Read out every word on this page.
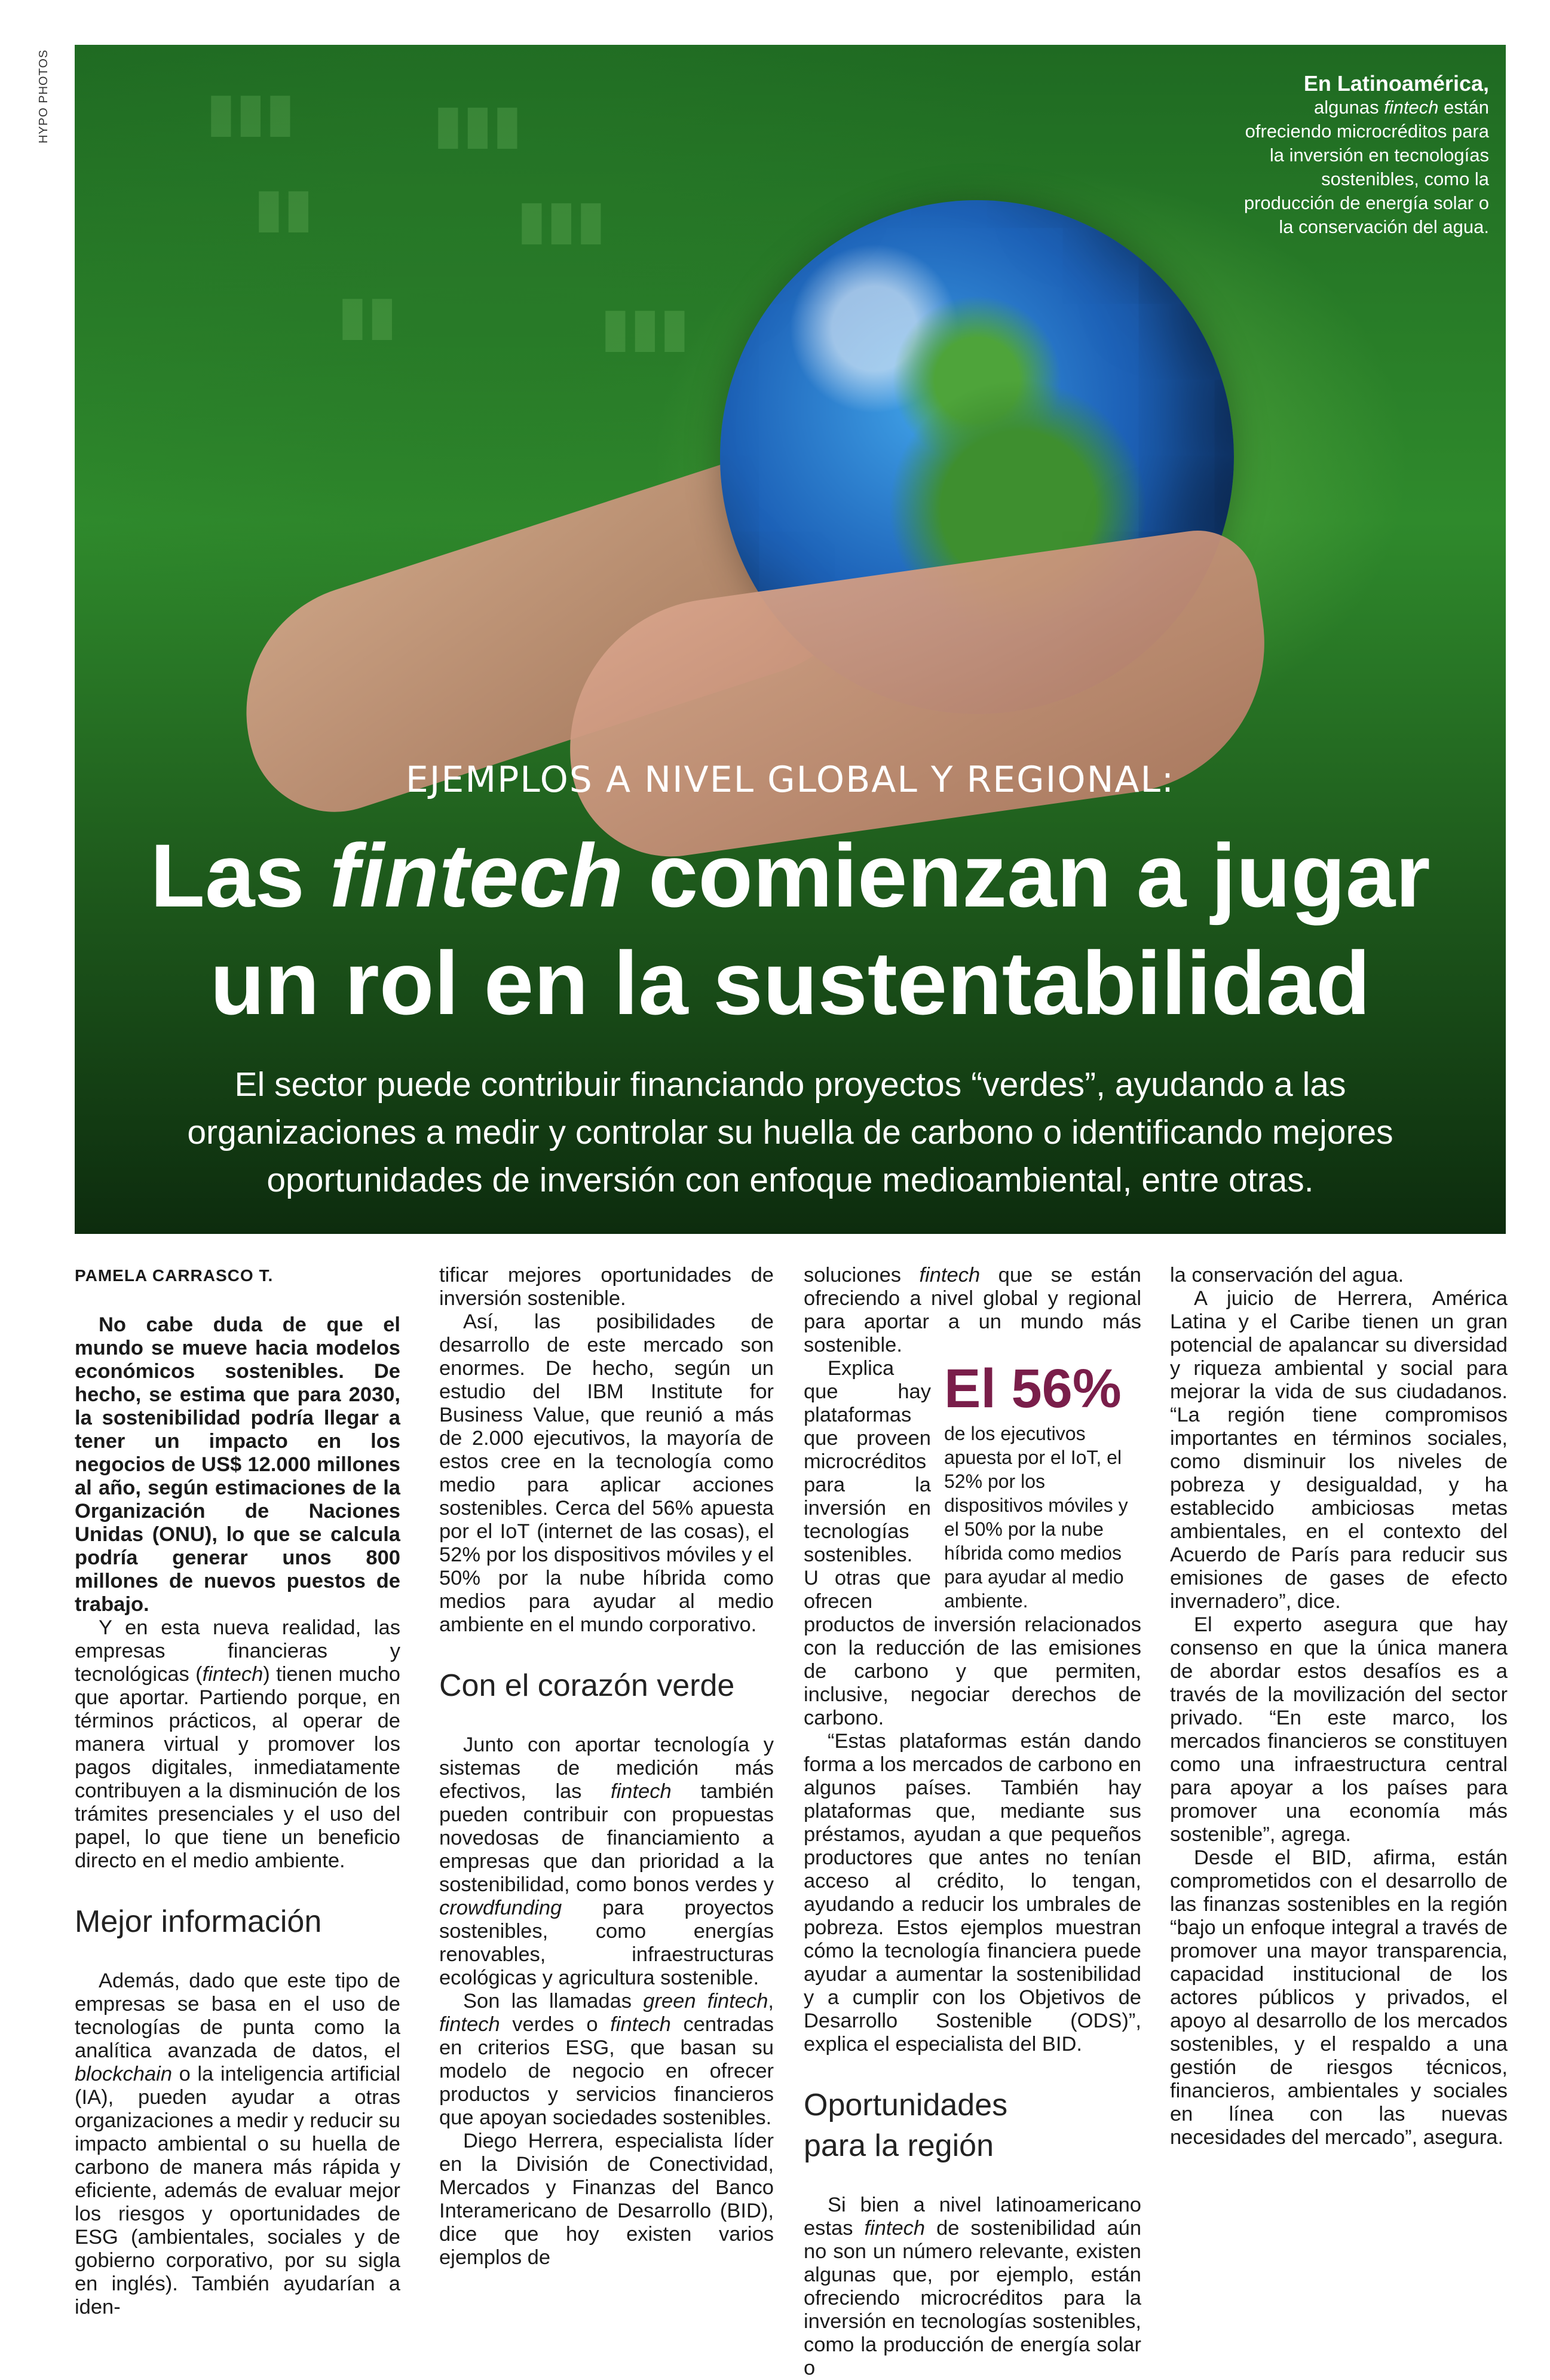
HYPO PHOTOS	▮▮▮	▮▮▮
▮▮	▮▮▮
▮▮	▮▮▮
En Latinoamérica,
algunas fintech están ofreciendo microcréditos para la inversión en tecnologías sostenibles, como la producción de energía solar o la conservación del agua.
EJEMPLOS A NIVEL GLOBAL Y REGIONAL:
Las fintech comienzan a jugar
un rol en la sustentabilidad
El sector puede contribuir financiando proyectos “verdes”, ayudando a las organizaciones a medir y controlar su huella de carbono o identificando mejores oportunidades de inversión con enfoque medioambiental, entre otras.
PAMELA CARRASCO T.

No cabe duda de que el mundo se mueve hacia modelos económicos sostenibles. De hecho, se estima que para 2030, la sostenibilidad podría llegar a tener un impacto en los negocios de US$ 12.000 millones al año, según estimaciones de la Organización de Naciones Unidas (ONU), lo que se calcula podría generar unos 800 millones de nuevos puestos de trabajo.

Y en esta nueva realidad, las empresas financieras y tecnológicas (fintech) tienen mucho que aportar. Partiendo porque, en términos prácticos, al operar de manera virtual y promover los pagos digitales, inmediatamente contribuyen a la disminución de los trámites presenciales y el uso del papel, lo que tiene un beneficio directo en el medio ambiente.

Mejor información

Además, dado que este tipo de empresas se basa en el uso de tecnologías de punta como la analítica avanzada de datos, el blockchain o la inteligencia artificial (IA), pueden ayudar a otras organizaciones a medir y reducir su impacto ambiental o su huella de carbono de manera más rápida y eficiente, además de evaluar mejor los riesgos y oportunidades de ESG (ambientales, sociales y de gobierno corporativo, por su sigla en inglés). También ayudarían a iden-

tificar mejores oportunidades de inversión sostenible.

Así, las posibilidades de desarrollo de este mercado son enormes. De hecho, según un estudio del IBM Institute for Business Value, que reunió a más de 2.000 ejecutivos, la mayoría de estos cree en la tecnología como medio para aplicar acciones sostenibles. Cerca del 56% apuesta por el IoT (internet de las cosas), el 52% por los dispositivos móviles y el 50% por la nube híbrida como medios para ayudar al medio ambiente en el mundo corporativo.

Con el corazón verde

Junto con aportar tecnología y sistemas de medición más efectivos, las fintech también pueden contribuir con propuestas novedosas de financiamiento a empresas que dan prioridad a la sostenibilidad, como bonos verdes y crowdfunding para proyectos sostenibles, como energías renovables, infraestructuras ecológicas y agricultura sostenible.

Son las llamadas green fintech, fintech verdes o fintech centradas en criterios ESG, que basan su modelo de negocio en ofrecer productos y servicios financieros que apoyan sociedades sostenibles.

Diego Herrera, especialista líder en la División de Conectividad, Mercados y Finanzas del Banco Interamericano de Desarrollo (BID), dice que hoy existen varios ejemplos de

soluciones fintech que se están ofreciendo a nivel global y regional para aportar a un mundo más sostenible.

El 56%
de los ejecutivos apuesta por el IoT, el 52% por los dispositivos móviles y el 50% por la nube híbrida como medios para ayudar al medio ambiente.

Explica que hay plataformas que proveen microcréditos para la inversión en tecnologías sostenibles. U otras que ofrecen productos de inversión relacionados con la reducción de las emisiones de carbono y que permiten, inclusive, negociar derechos de carbono.

“Estas plataformas están dando forma a los mercados de carbono en algunos países. También hay plataformas que, mediante sus préstamos, ayudan a que pequeños productores que antes no tenían acceso al crédito, lo tengan, ayudando a reducir los umbrales de pobreza. Estos ejemplos muestran cómo la tecnología financiera puede ayudar a aumentar la sostenibilidad y a cumplir con los Objetivos de Desarrollo Sostenible (ODS)”, explica el especialista del BID.

Oportunidades
para la región

Si bien a nivel latinoamericano estas fintech de sostenibilidad aún no son un número relevante, existen algunas que, por ejemplo, están ofreciendo microcréditos para la inversión en tecnologías sostenibles, como la producción de energía solar o

la conservación del agua.

A juicio de Herrera, América Latina y el Caribe tienen un gran potencial de apalancar su diversidad y riqueza ambiental y social para mejorar la vida de sus ciudadanos. “La región tiene compromisos importantes en términos sociales, como disminuir los niveles de pobreza y desigualdad, y ha establecido ambiciosas metas ambientales, en el contexto del Acuerdo de París para reducir sus emisiones de gases de efecto invernadero”, dice.

El experto asegura que hay consenso en que la única manera de abordar estos desafíos es a través de la movilización del sector privado. “En este marco, los mercados financieros se constituyen como una infraestructura central para apoyar a los países para promover una economía más sostenible”, agrega.

Desde el BID, afirma, están comprometidos con el desarrollo de las finanzas sostenibles en la región “bajo un enfoque integral a través de promover una mayor transparencia, capacidad institucional de los actores públicos y privados, el apoyo al desarrollo de los mercados sostenibles, y el respaldo a una gestión de riesgos técnicos, financieros, ambientales y sociales en línea con las nuevas necesidades del mercado”, asegura.
